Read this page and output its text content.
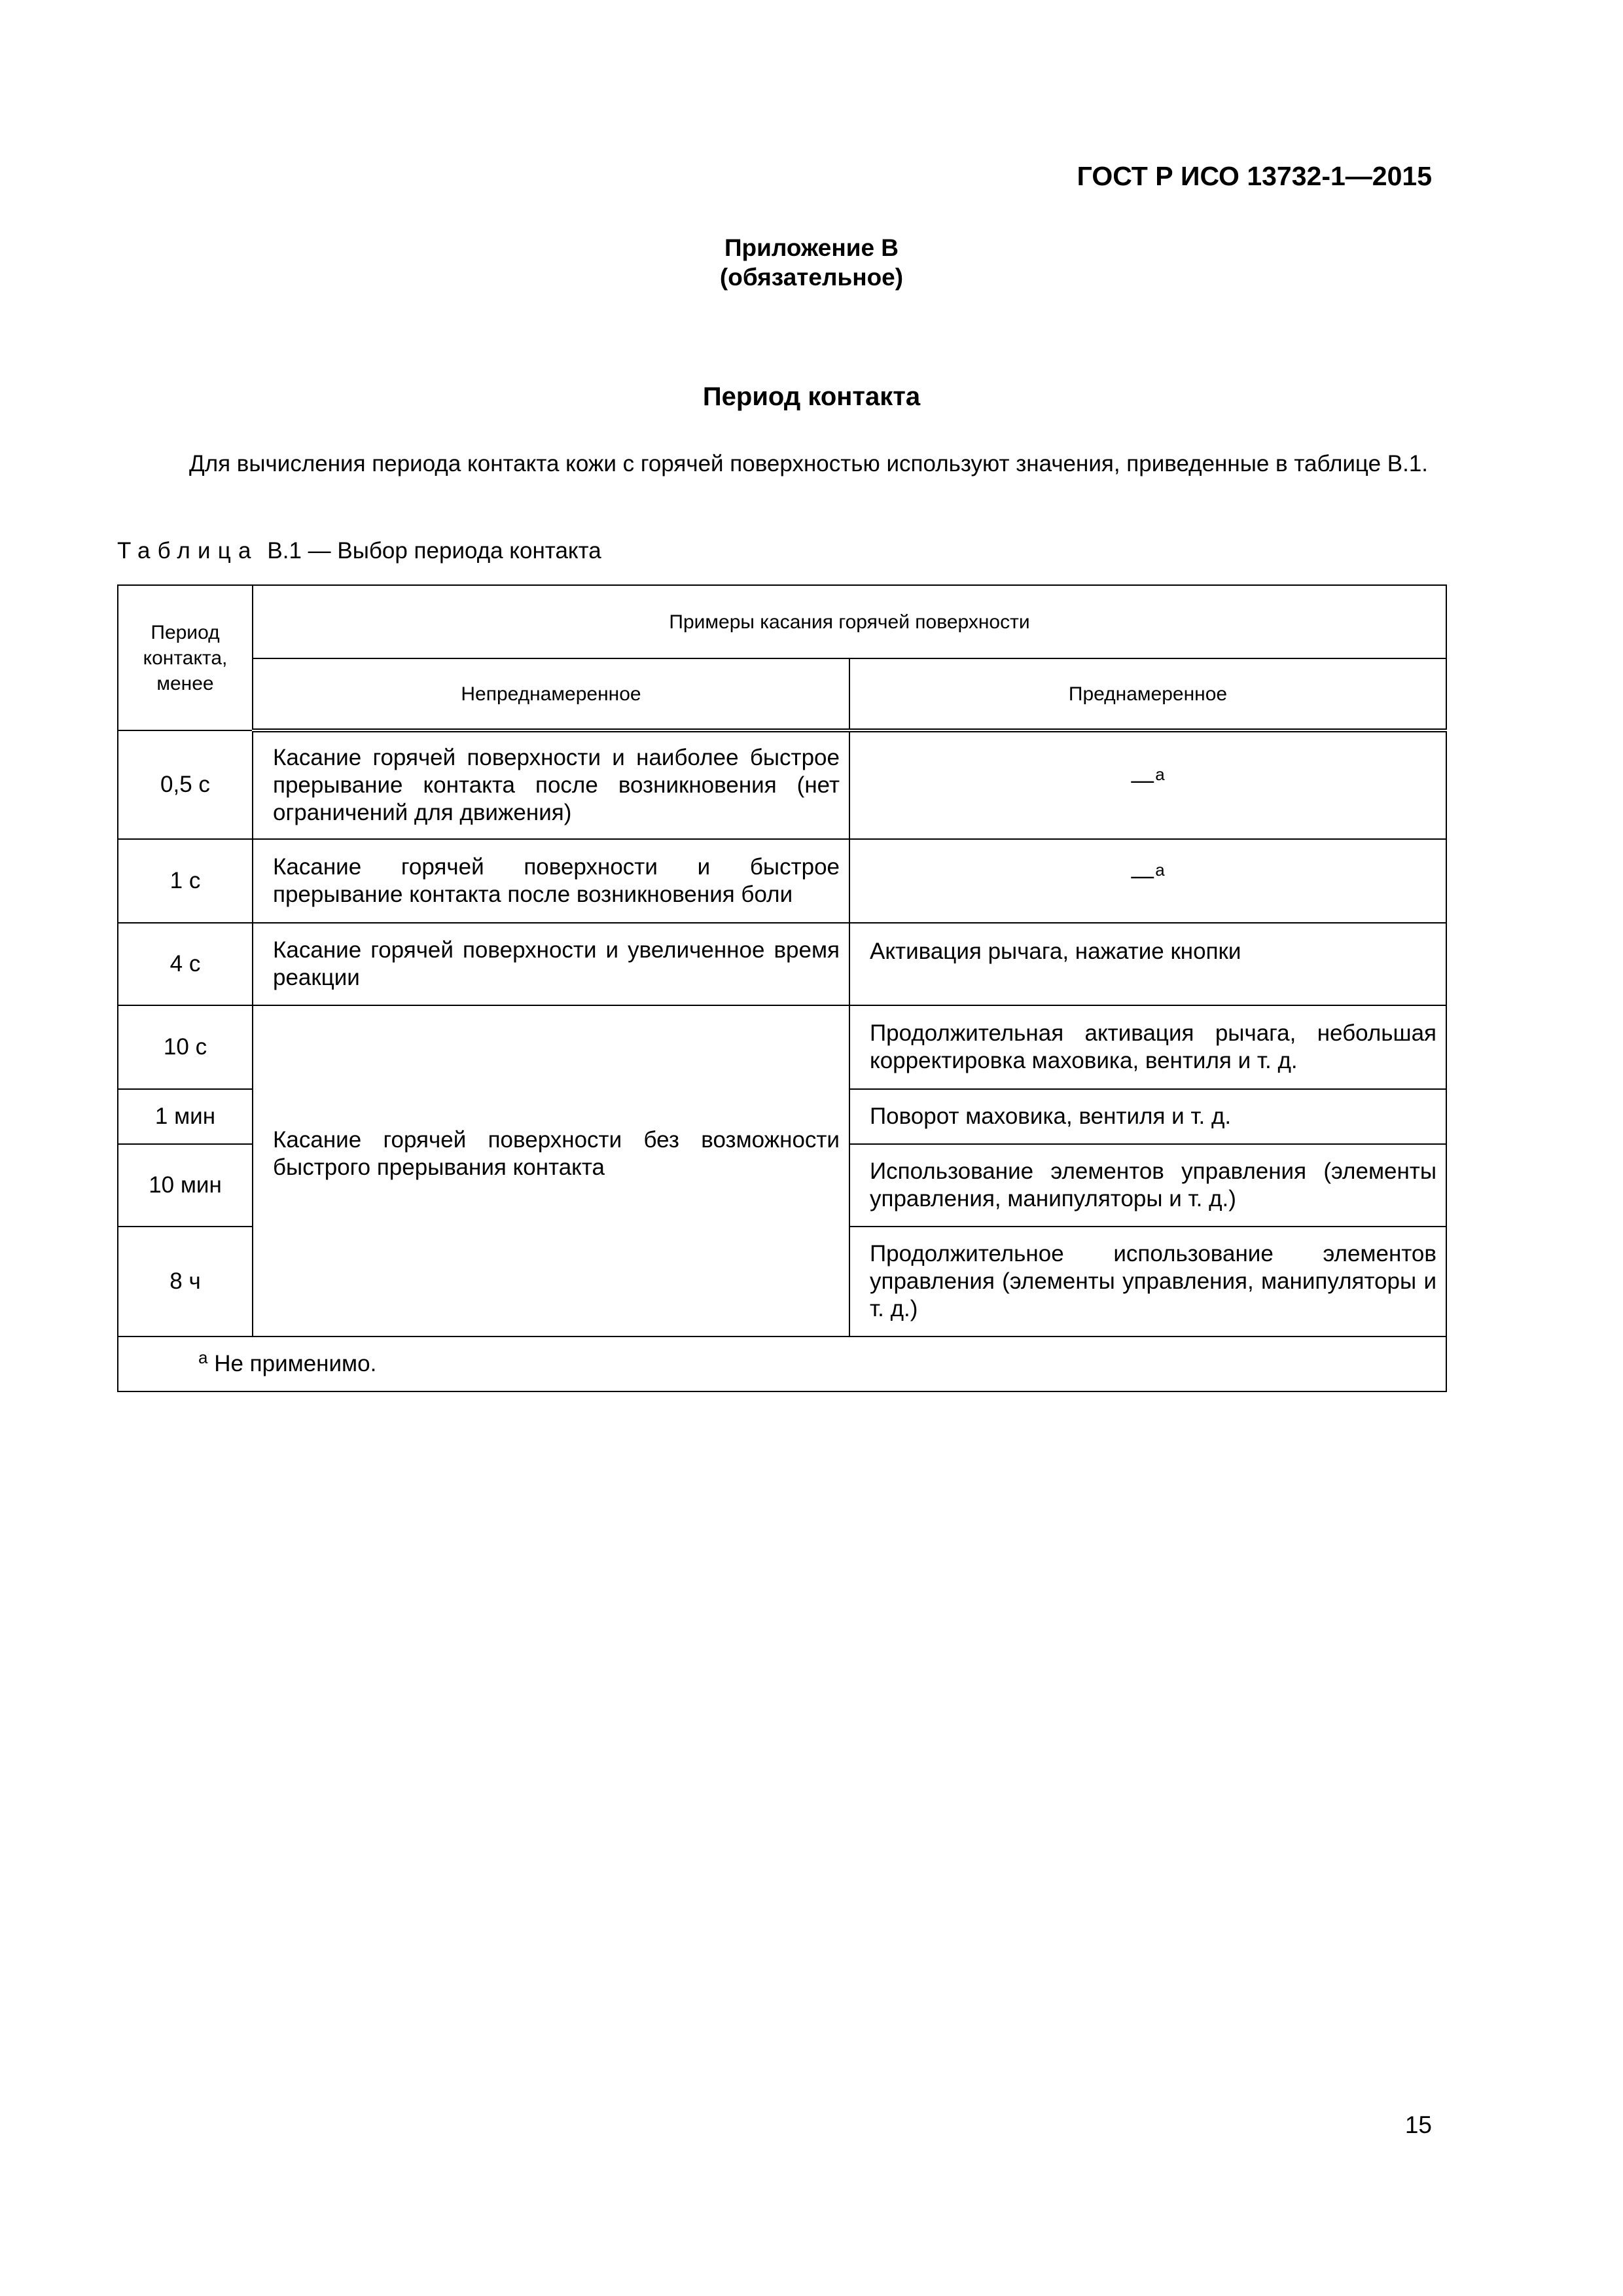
ГОСТ Р ИСО 13732-1—2015
Приложение В
(обязательное)
Период контакта
Для вычисления периода контакта кожи с горячей поверхностью используют значения, приведенные в таблице В.1.
Таблица В.1 — Выбор периода контакта
Период контакта, менее	Примеры касания горячей поверхности	
	Непреднамеренное	Преднамеренное
0,5 с	Касание горячей поверхности и наиболее быстрое прерывание контакта после возникновения (нет ограничений для движения)	—$^a$
1 с	Касание горячей поверхности и быстрое прерывание контакта после возникновения боли	—$^a$
4 с	Касание горячей поверхности и увеличенное время реакции	Активация рычага, нажатие кнопки
10 с	Касание горячей поверхности без возможности быстрого прерывания контакта	Продолжительная активация рычага, небольшая корректировка маховика, вентиля и т. д.
1 мин		Поворот маховика, вентиля и т. д.
10 мин		Использование элементов управления (элементы управления, манипуляторы и т. д.)
8 ч		Продолжительное использование элементов управления (элементы управления, манипуляторы и т. д.)
$^a$ Не применимо.		
15
